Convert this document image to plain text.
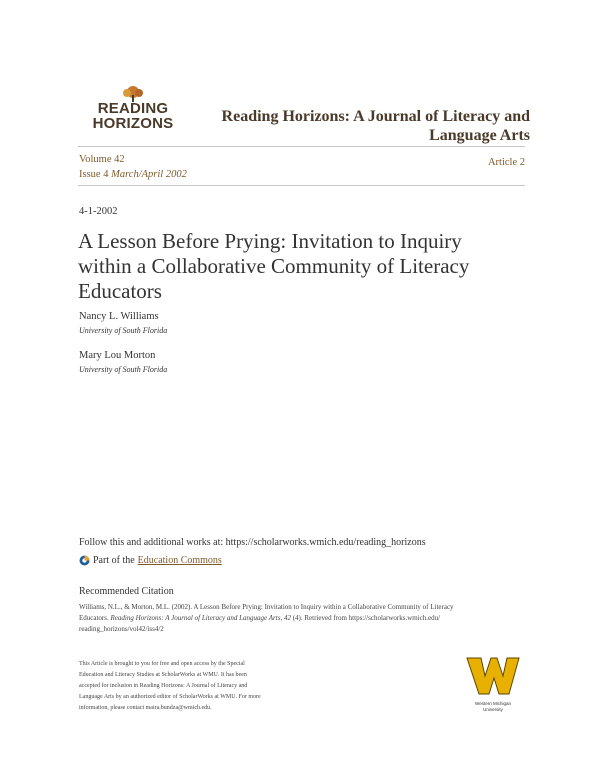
READING
HORIZONS	Reading Horizons: A Journal of Literacy and Language Arts
Volume 42
Issue 4 March/April 2002
Article 2
4-1-2002
A Lesson Before Prying: Invitation to Inquiry within a Collaborative Community of Literacy Educators
Nancy L. Williams
University of South Florida
Mary Lou Morton
University of South Florida
Follow this and additional works at: https://scholarworks.wmich.edu/reading_horizons
Part of the Education Commons
Recommended Citation
Williams, N.L., & Morton, M.L. (2002). A Lesson Before Prying: Invitation to Inquiry within a Collaborative Community of Literacy
Educators. Reading Horizons: A Journal of Literacy and Language Arts, 42 (4). Retrieved from https://scholarworks.wmich.edu/
reading_horizons/vol42/iss4/2
This Article is brought to you for free and open access by the Special
Education and Literacy Studies at ScholarWorks at WMU. It has been
accepted for inclusion in Reading Horizons: A Journal of Literacy and
Language Arts by an authorized editor of ScholarWorks at WMU. For more
information, please contact maira.bundza@wmich.edu.
Western Michigan
University
